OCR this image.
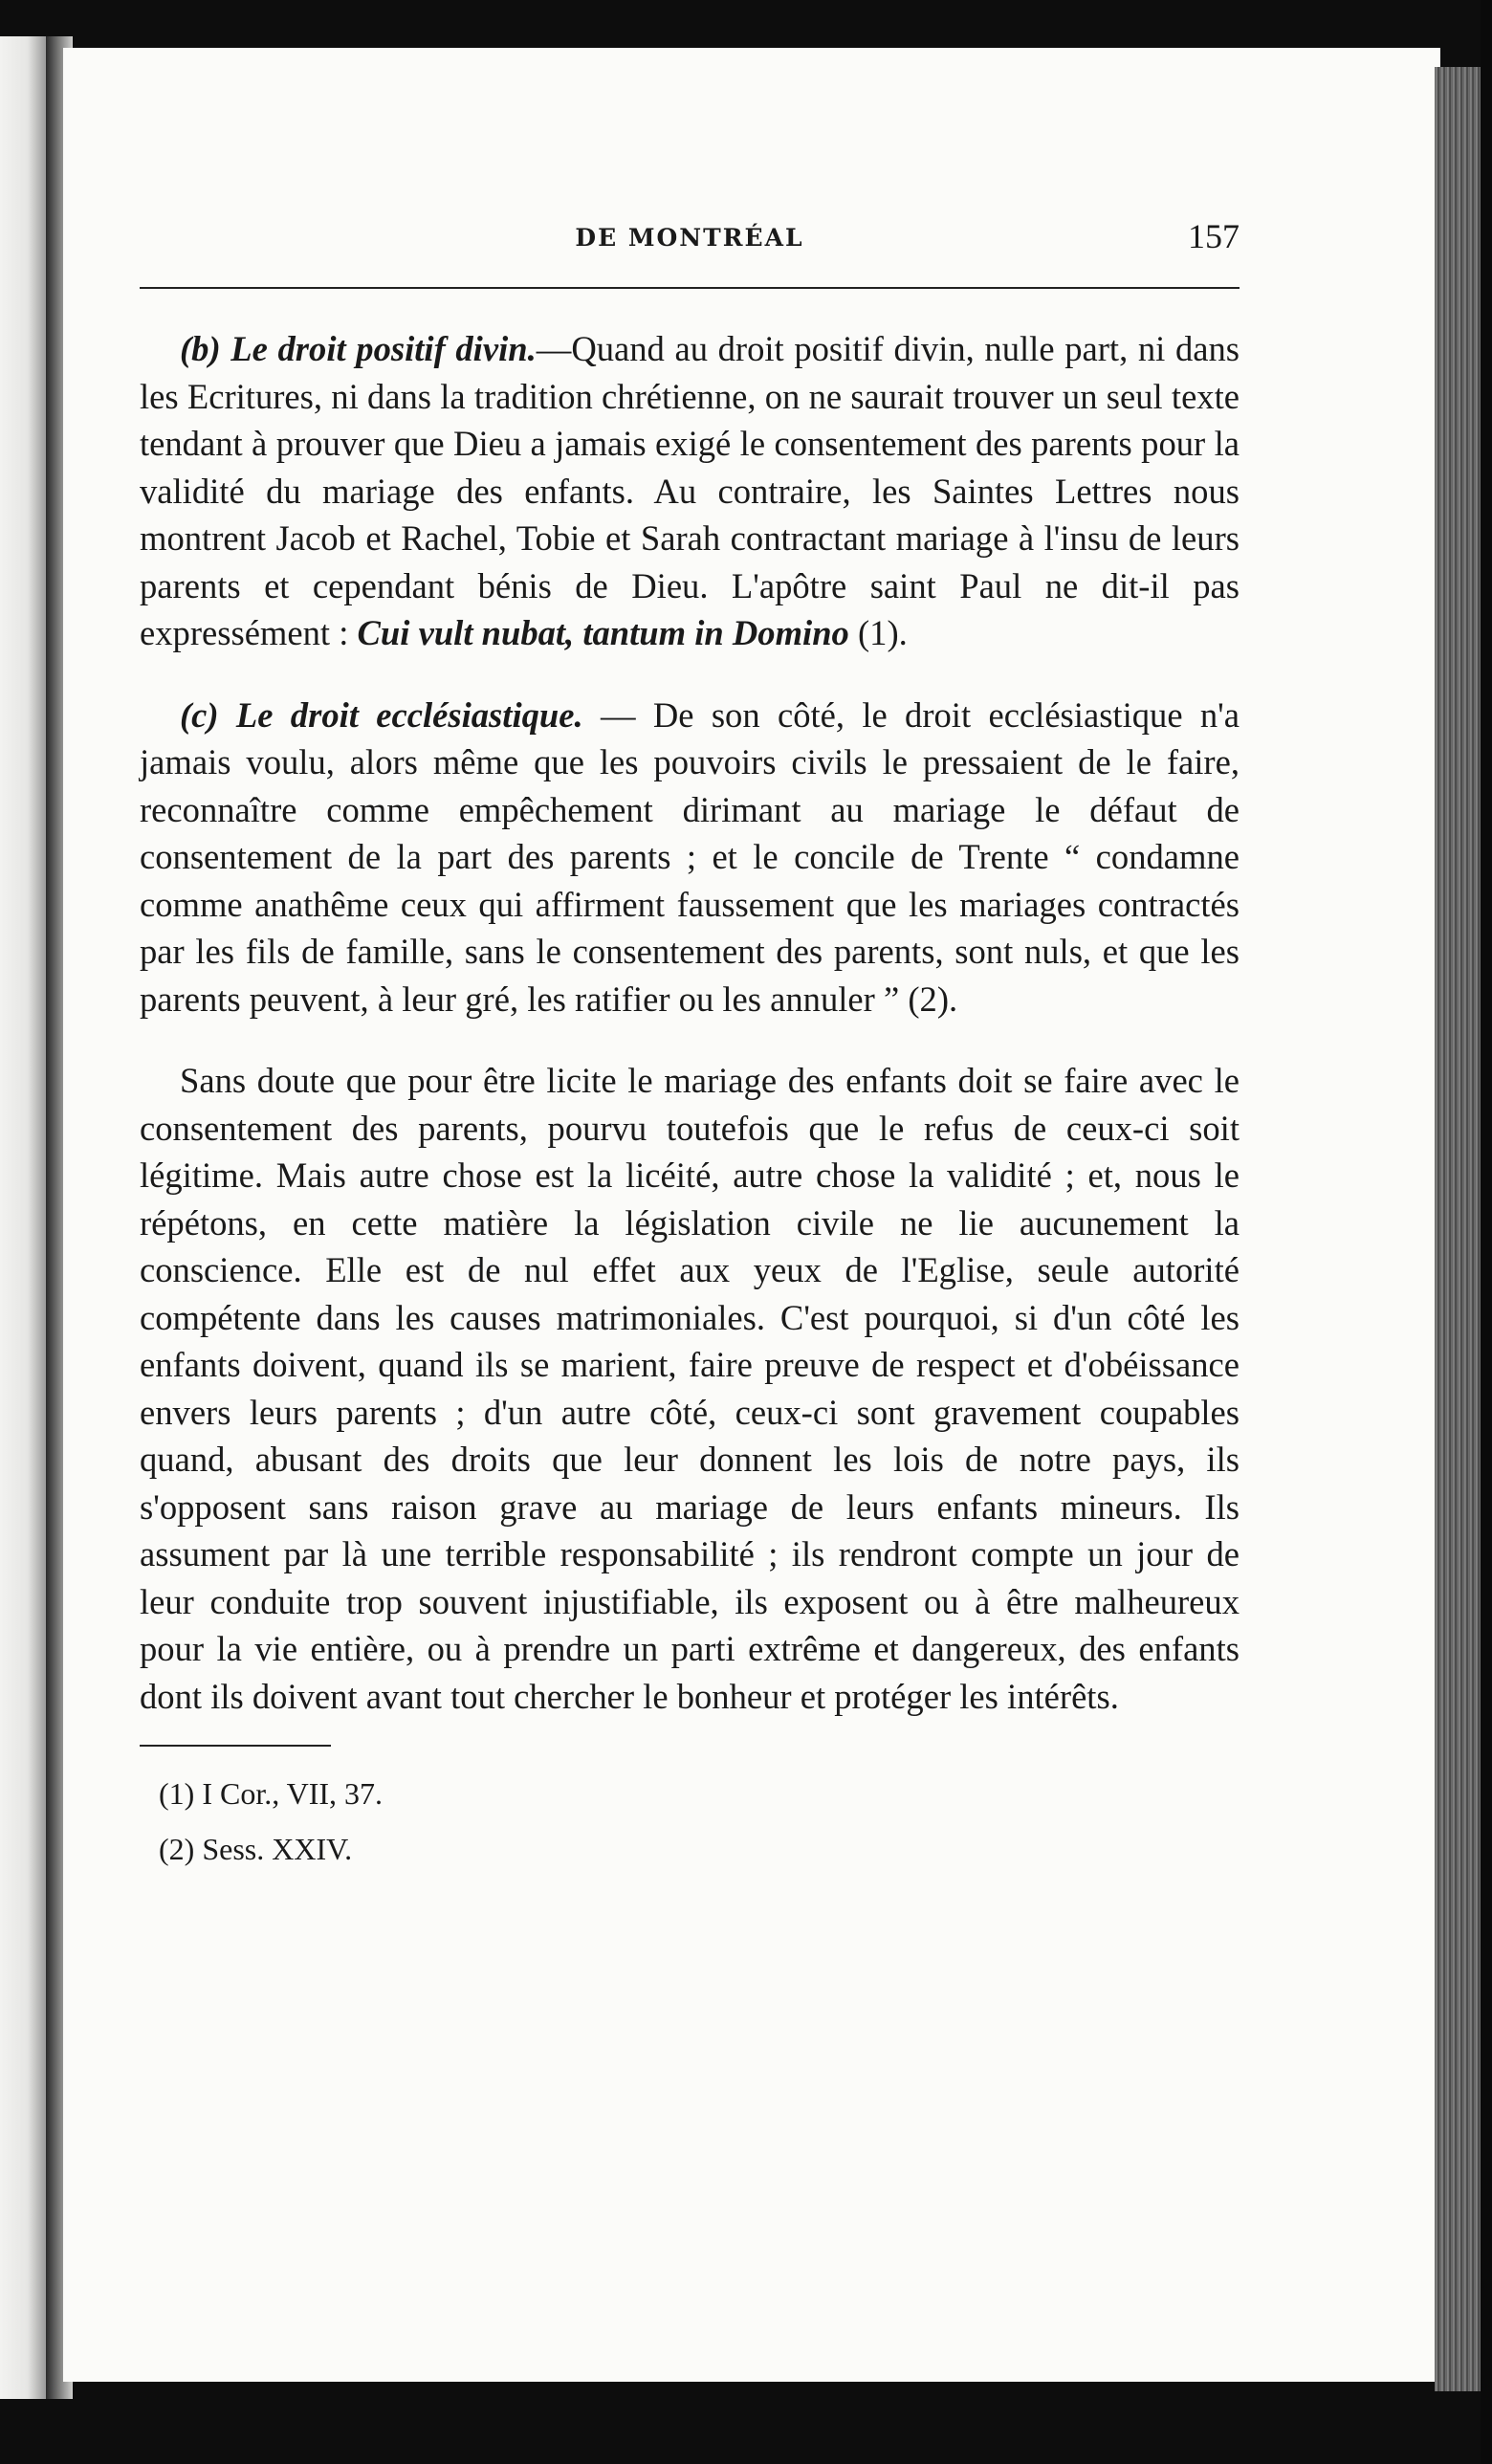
DE MONTRÉAL	157

(b) Le droit positif divin.—Quand au droit positif divin, nulle part, ni dans les Ecritures, ni dans la tradition chrétienne, on ne saurait trouver un seul texte tendant à prouver que Dieu a jamais exigé le consentement des parents pour la validité du mariage des enfants. Au contraire, les Saintes Lettres nous montrent Jacob et Rachel, Tobie et Sarah contractant mariage à l'insu de leurs parents et cependant bénis de Dieu. L'apôtre saint Paul ne dit-il pas expressément : Cui vult nubat, tantum in Domino (1).

(c) Le droit ecclésiastique. — De son côté, le droit ecclésiastique n'a jamais voulu, alors même que les pouvoirs civils le pressaient de le faire, reconnaître comme empêchement dirimant au mariage le défaut de consentement de la part des parents ; et le concile de Trente “ condamne comme anathême ceux qui affirment faussement que les mariages contractés par les fils de famille, sans le consentement des parents, sont nuls, et que les parents peuvent, à leur gré, les ratifier ou les annuler ” (2).

Sans doute que pour être licite le mariage des enfants doit se faire avec le consentement des parents, pourvu toutefois que le refus de ceux-ci soit légitime. Mais autre chose est la licéité, autre chose la validité ; et, nous le répétons, en cette matière la législation civile ne lie aucunement la conscience. Elle est de nul effet aux yeux de l'Eglise, seule autorité compétente dans les causes matrimoniales. C'est pourquoi, si d'un côté les enfants doivent, quand ils se marient, faire preuve de respect et d'obéissance envers leurs parents ; d'un autre côté, ceux-ci sont gravement coupables quand, abusant des droits que leur donnent les lois de notre pays, ils s'opposent sans raison grave au mariage de leurs enfants mineurs. Ils assument par là une terrible responsabilité ; ils rendront compte un jour de leur conduite trop souvent injustifiable, ils exposent ou à être malheureux pour la vie entière, ou à prendre un parti extrême et dangereux, des enfants dont ils doivent avant tout chercher le bonheur et protéger les intérêts.

(1) I Cor., VII, 37.

(2) Sess. XXIV.
